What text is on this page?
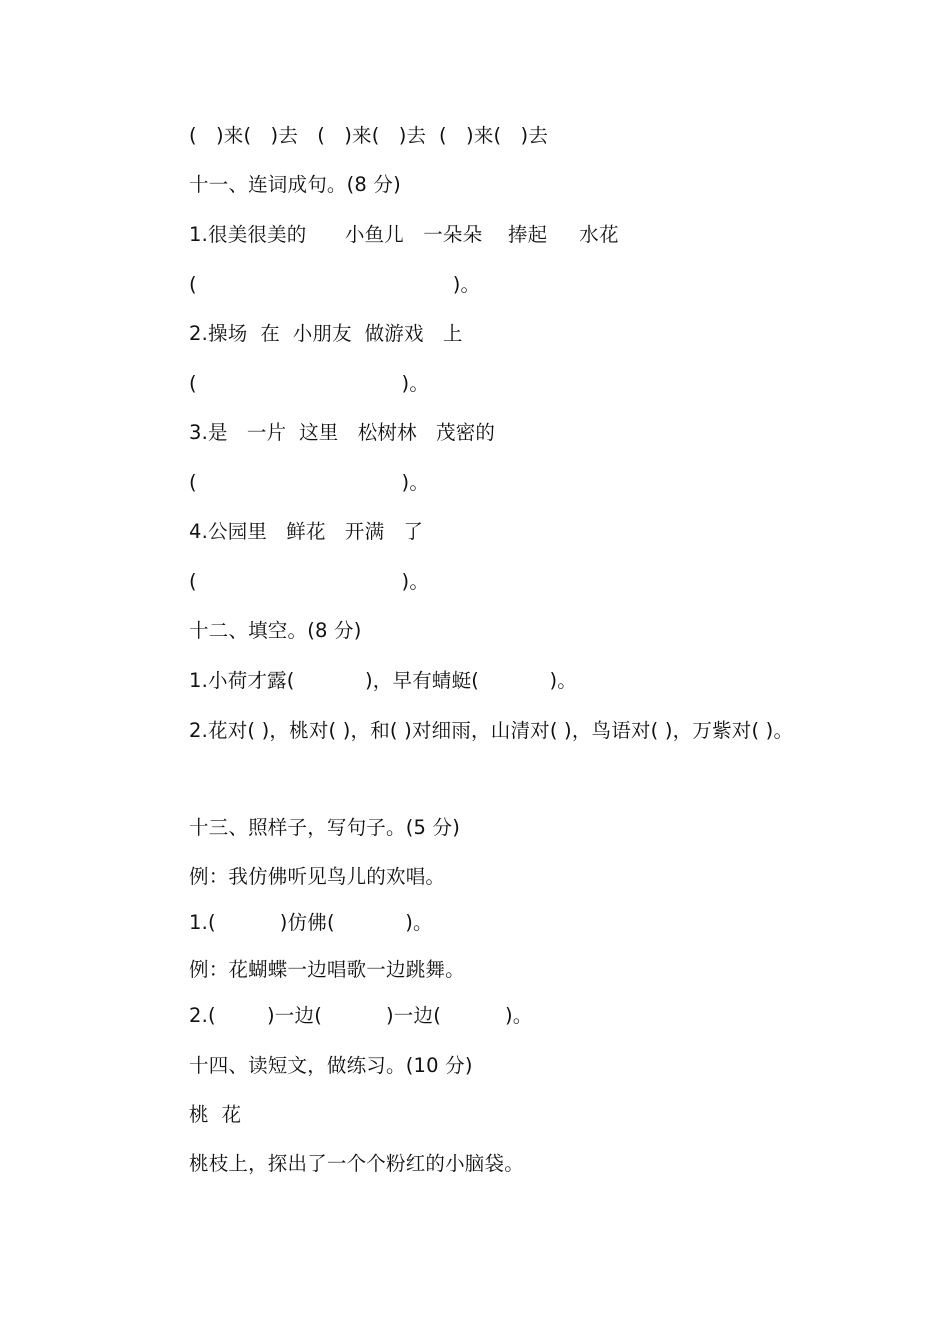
(   )来(   )去   (   )来(   )去  (   )来(   )去
十一、连词成句。(8 分)
1.很美很美的      小鱼儿   一朵朵    捧起     水花
(                                        )。
2.操场  在  小朋友  做游戏   上
(                                )。
3.是   一片  这里   松树林   茂密的
(                                )。
4.公园里   鲜花   开满   了
(                                )。
十二、填空。(8 分)
1.小荷才露(           )，早有蜻蜓(           )。
2.花对( )，桃对( )，和( )对细雨，山清对( )，鸟语对( )，万紫对( )。
十三、照样子，写句子。(5 分)
例：我仿佛听见鸟儿的欢唱。
1.(          )仿佛(           )。
例：花蝴蝶一边唱歌一边跳舞。
2.(        )一边(          )一边(          )。
十四、读短文，做练习。(10 分)
桃  花
桃枝上，探出了一个个粉红的小脑袋。
